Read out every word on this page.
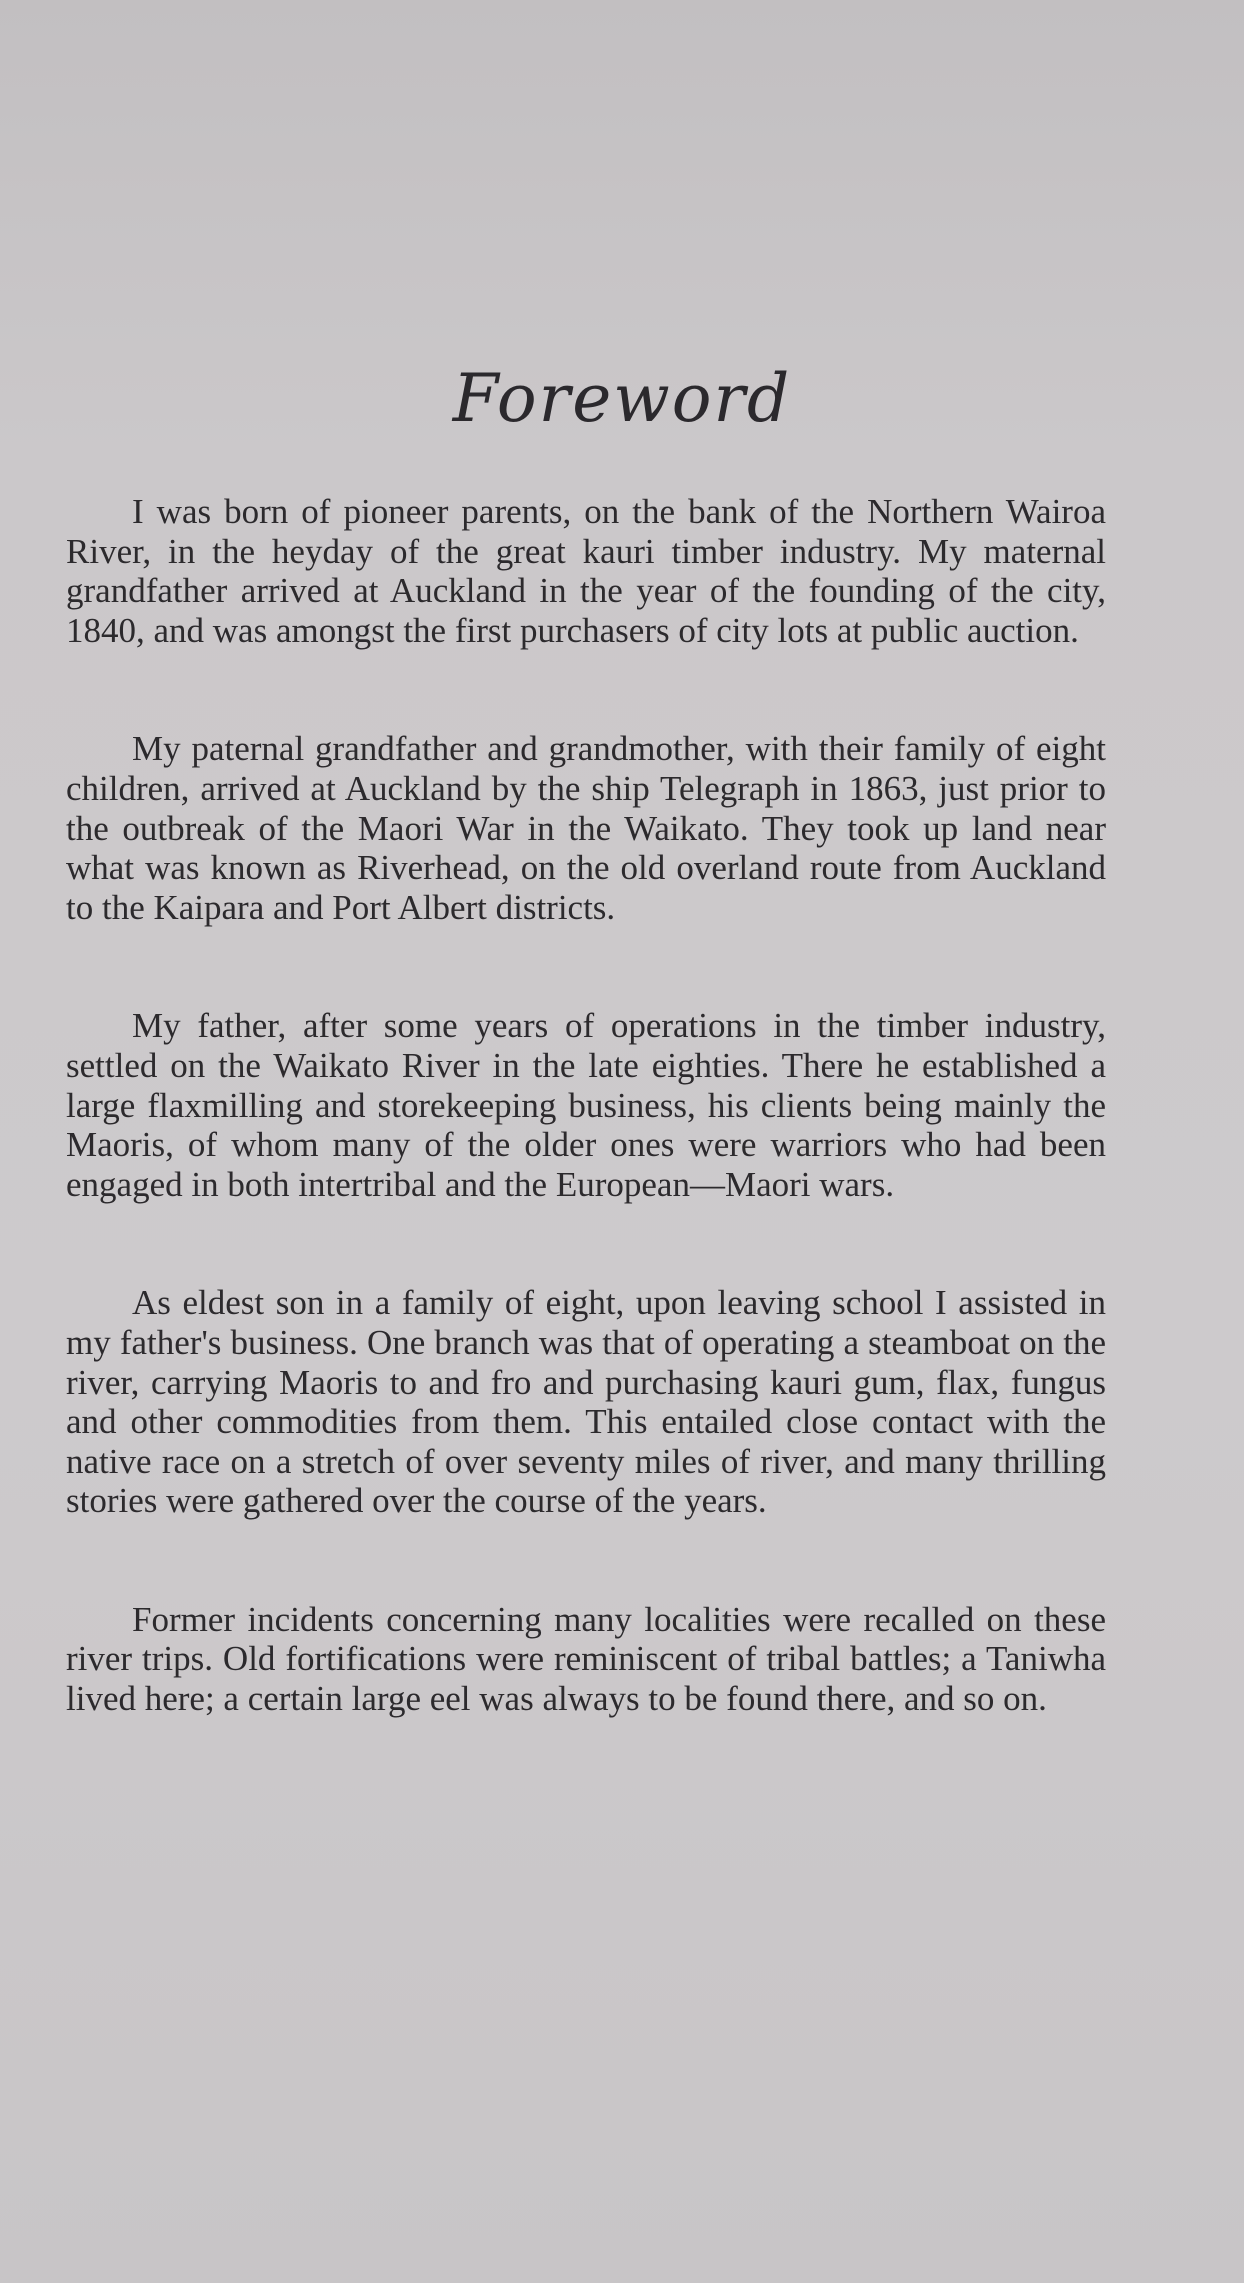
Foreword

I was born of pioneer parents, on the bank of the Northern Wairoa River, in the heyday of the great kauri timber industry. My maternal grandfather arrived at Auckland in the year of the founding of the city, 1840, and was amongst the first purchasers of city lots at public auction.

My paternal grandfather and grandmother, with their family of eight children, arrived at Auckland by the ship Telegraph in 1863, just prior to the outbreak of the Maori War in the Waikato. They took up land near what was known as Riverhead, on the old overland route from Auckland to the Kaipara and Port Albert districts.

My father, after some years of operations in the timber industry, settled on the Waikato River in the late eighties. There he established a large flaxmilling and storekeeping business, his clients being mainly the Maoris, of whom many of the older ones were warriors who had been engaged in both intertribal and the European—Maori wars.

As eldest son in a family of eight, upon leaving school I assisted in my father's business. One branch was that of operating a steamboat on the river, carrying Maoris to and fro and purchasing kauri gum, flax, fungus and other commodities from them. This entailed close contact with the native race on a stretch of over seventy miles of river, and many thrilling stories were gathered over the course of the years.

Former incidents concerning many localities were recalled on these river trips. Old fortifications were reminiscent of tribal battles; a Taniwha lived here; a certain large eel was always to be found there, and so on.
